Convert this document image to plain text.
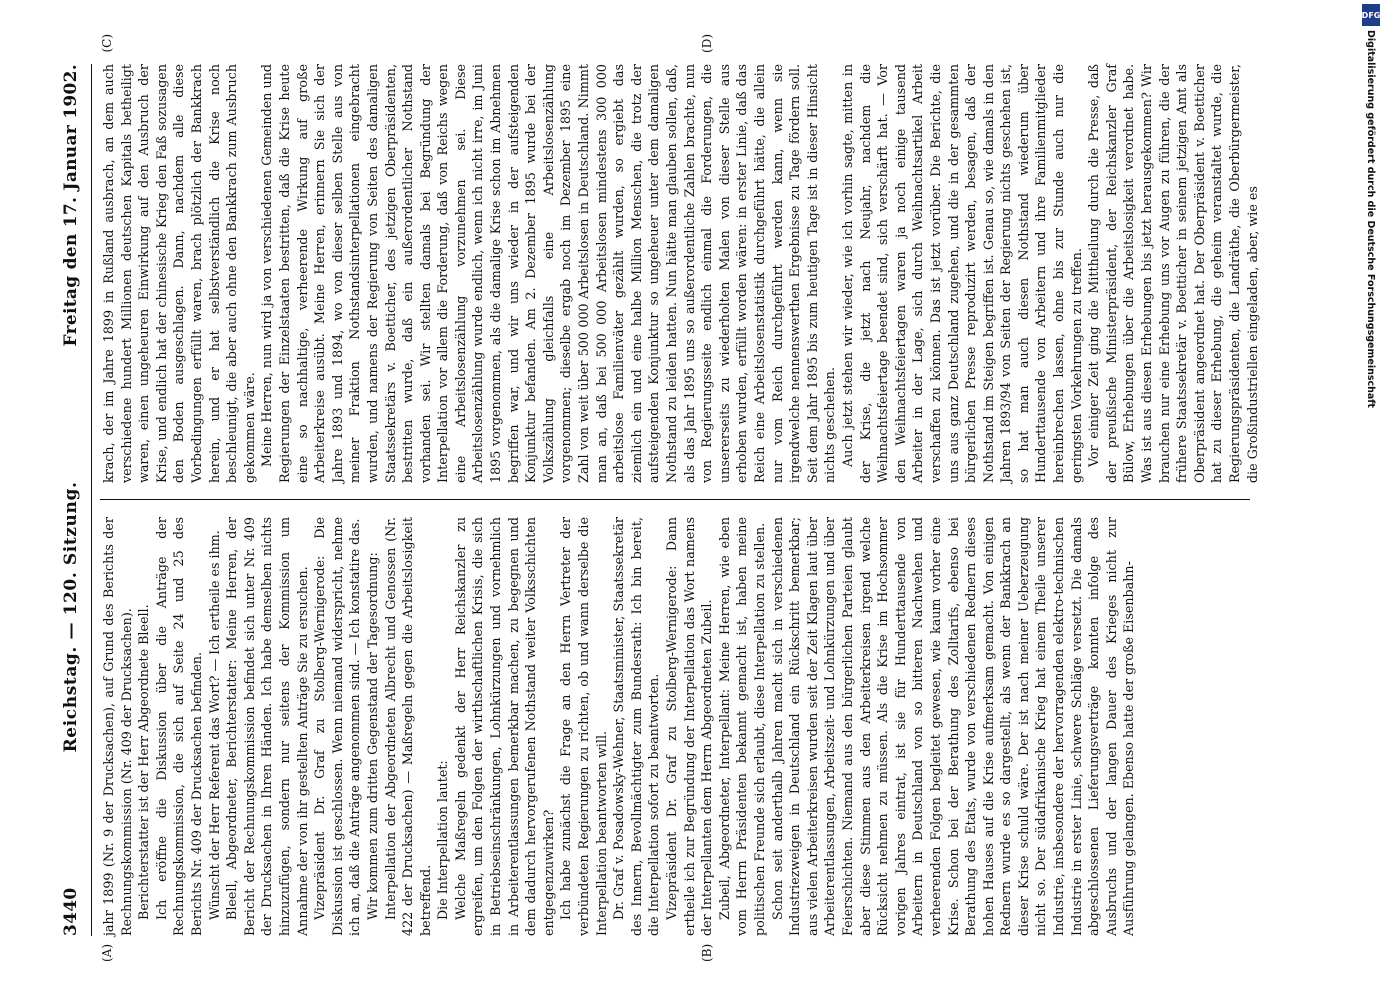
3440
Reichstag. — 120. Sitzung.
Freitag den 17. Januar 1902.
(A)	(B)
(C)	(D)

jahr 1899 (Nr. 9 der Drucksachen), auf Grund des Berichts der Rechnungskommission (Nr. 409 der Drucksachen). Berichterstatter ist der Herr Abgeordnete Bleell. Ich eröffne die Diskussion über die Anträge der Rechnungskommission, die sich auf Seite 24 und 25 des Berichts Nr. 409 der Drucksachen befinden. Wünscht der Herr Referent das Wort? — Ich ertheile es ihm. Bleell, Abgeordneter, Berichterstatter: Meine Herren, der Bericht der Rechnungskommission befindet sich unter Nr. 409 der Drucksachen in Ihren Händen. Ich habe demselben nichts hinzuzufügen, sondern nur seitens der Kommission um Annahme der von ihr gestellten Anträge Sie zu ersuchen. Vizepräsident Dr. Graf zu Stolberg-Wernigerode: Die Diskussion ist geschlossen. Wenn niemand widerspricht, nehme ich an, daß die Anträge angenommen sind. — Ich konstatire das. Wir kommen zum dritten Gegenstand der Tagesordnung: Interpellation der Abgeordneten Albrecht und Genossen (Nr. 422 der Drucksachen) — Maßregeln gegen die Arbeitslosigkeit betreffend. Die Interpellation lautet: Welche Maßregeln gedenkt der Herr Reichskanzler zu ergreifen, um den Folgen der wirthschaftlichen Krisis, die sich in Betriebseinschränkungen, Lohnkürzungen und vornehmlich in Arbeiterentlassungen bemerkbar machen, zu begegnen und dem dadurch hervorgerufenen Nothstand weiter Volksschichten entgegenzuwirken? Ich habe zunächst die Frage an den Herrn Vertreter der verbündeten Regierungen zu richten, ob und wann derselbe die Interpellation beantworten will. Dr. Graf v. Posadowsky-Wehner, Staatsminister, Staatssekretär des Innern, Bevollmächtigter zum Bundesrath: Ich bin bereit, die Interpellation sofort zu beantworten. Vizepräsident Dr. Graf zu Stolberg-Wernigerode: Dann ertheile ich zur Begründung der Interpellation das Wort namens der Interpellanten dem Herrn Abgeordneten Zubeil. Zubeil, Abgeordneter, Interpellant: Meine Herren, wie eben vom Herrn Präsidenten bekannt gemacht ist, haben meine politischen Freunde sich erlaubt, diese Interpellation zu stellen. Schon seit anderthalb Jahren macht sich in verschiedenen Industriezweigen in Deutschland ein Rückschritt bemerkbar; aus vielen Arbeiterkreisen wurden seit der Zeit Klagen laut über Arbeiterentlassungen, Arbeitszeit- und Lohnkürzungen und über Feierschichten. Niemand aus den bürgerlichen Parteien glaubt aber diese Stimmen aus den Arbeiterkreisen irgend welche Rücksicht nehmen zu müssen. Als die Krise im Hochsommer vorigen Jahres eintrat, ist sie für Hunderttausende von Arbeitern in Deutschland von so bitteren Nachwehen und verheerenden Folgen begleitet gewesen, wie kaum vorher eine Krise. Schon bei der Berathung des Zolltarifs, ebenso bei Berathung des Etats, wurde von verschiedenen Rednern dieses hohen Hauses auf die Krise aufmerksam gemacht. Von einigen Rednern wurde es so dargestellt, als wenn der Bankkrach an dieser Krise schuld wäre. Der ist nach meiner Ueberzeugung nicht so. Der südafrikanische Krieg hat einem Theile unserer Industrie, insbesondere der hervorragenden elektro-technischen Industrie in erster Linie, schwere Schläge versetzt. Die damals abgeschlossenen Lieferungsverträge konnten infolge des Ausbruchs und der langen Dauer des Krieges nicht zur Ausführung gelangen. Ebenso hatte der große Eisenbahn-

krach, der im Jahre 1899 in Rußland ausbrach, an dem auch verschiedene hundert Millionen deutschen Kapitals betheiligt waren, einen ungeheuren Einwirkung auf den Ausbruch der Krise, und endlich hat der chinesische Krieg den Faß sozusagen den Boden ausgeschlagen. Dann, nachdem alle diese Vorbedingungen erfüllt waren, brach plötzlich der Bankkrach herein, und er hat selbstverständlich die Krise noch beschleunigt, die aber auch ohne den Bankkrach zum Ausbruch gekommen wäre. Meine Herren, nun wird ja von verschiedenen Gemeinden und Regierungen der Einzelstaaten bestritten, daß die Krise heute eine so nachhaltige, verheerende Wirkung auf große Arbeiterkreise ausübt. Meine Herren, erinnern Sie sich der Jahre 1893 und 1894, wo von dieser selben Stelle aus von meiner Fraktion Nothstandsinterpellationen eingebracht wurden, und namens der Regierung von Seiten des damaligen Staatssekretärs v. Boetticher, des jetzigen Oberpräsidenten, bestritten wurde, daß ein außerordentlicher Nothstand vorhanden sei. Wir stellten damals bei Begründung der Interpellation vor allem die Forderung, daß von Reichs wegen eine Arbeitslosenzählung vorzunehmen sei. Diese Arbeitslosenzählung wurde endlich, wenn ich nicht irre, im Juni 1895 vorgenommen, als die damalige Krise schon im Abnehmen begriffen war, und wir uns wieder in der aufsteigenden Konjunktur befanden. Am 2. Dezember 1895 wurde bei der Volkszählung gleichfalls eine Arbeitslosenzählung vorgenommen; dieselbe ergab noch im Dezember 1895 eine Zahl von weit über 500 000 Arbeitslosen in Deutschland. Nimmt man an, daß bei 500 000 Arbeitslosen mindestens 300 000 arbeitslose Familienväter gezählt wurden, so ergiebt das ziemlich ein und eine halbe Million Menschen, die trotz der aufsteigenden Konjunktur so ungeheuer unter dem damaligen Nothstand zu leiden hatten. Nun hätte man glauben sollen, daß, als das Jahr 1895 uns so außerordentliche Zahlen brachte, nun von Regierungsseite endlich einmal die Forderungen, die unsererseits zu wiederholten Malen von dieser Stelle aus erhoben wurden, erfüllt worden wären: in erster Linie, daß das Reich eine Arbeitslosenstatistik durchgeführt hätte, die allein nur vom Reich durchgeführt werden kann, wenn sie irgendwelche nennenswerthen Ergebnisse zu Tage fördern soll. Seit dem Jahr 1895 bis zum heutigen Tage ist in dieser Hinsicht nichts geschehen. Auch jetzt stehen wir wieder, wie ich vorhin sagte, mitten in der Krise, die jetzt nach Neujahr, nachdem die Weihnachtsfeiertage beendet sind, sich verschärft hat. — Vor den Weihnachtsfeiertagen waren ja noch einige tausend Arbeiter in der Lage, sich durch Weihnachtsartikel Arbeit verschaffen zu können. Das ist jetzt vorüber. Die Berichte, die uns aus ganz Deutschland zugehen, und die in der gesammten bürgerlichen Presse reproduzirt werden, besagen, daß der Nothstand im Steigen begriffen ist. Genau so, wie damals in den Jahren 1893/94 von Seiten der Regierung nichts geschehen ist, so hat man auch diesen Nothstand wiederum über Hunderttausende von Arbeitern und ihre Familienmitglieder hereinbrechen lassen, ohne bis zur Stunde auch nur die geringsten Vorkehrungen zu treffen. Vor einiger Zeit ging die Mittheilung durch die Presse, daß der preußische Ministerpräsident, der Reichskanzler Graf Bülow, Erhebungen über die Arbeitslosigkeit verordnet habe. Was ist aus diesen Erhebungen bis jetzt herausgekommen? Wir brauchen nur eine Erhebung uns vor Augen zu führen, die der frühere Staatssekretär v. Boetticher in seinem jetzigen Amt als Oberpräsident angeordnet hat. Der Oberpräsident v. Boetticher hat zu dieser Erhebung, die geheim veranstaltet wurde, die Regierungspräsidenten, die Landräthe, die Oberbürgermeister, die Großindustriellen eingeladen, aber, wie es

DFG
Digitalisierung gefördert durch die Deutsche Forschungsgemeinschaft
